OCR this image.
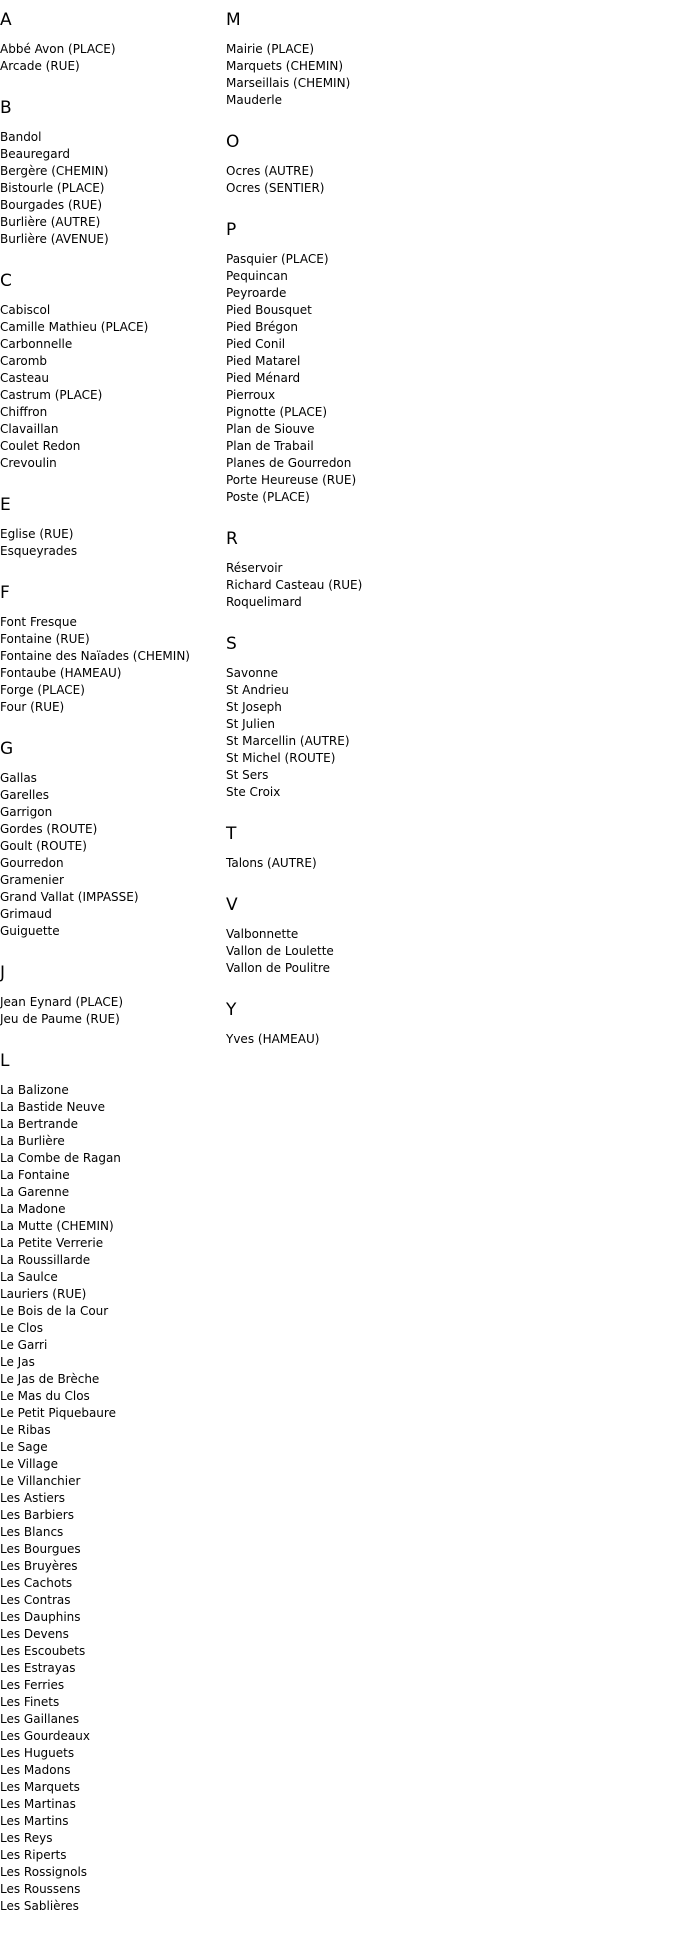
A
Abbé Avon (PLACE)
Arcade (RUE)
B
Bandol
Beauregard
Bergère (CHEMIN)
Bistourle (PLACE)
Bourgades (RUE)
Burlière (AUTRE)
Burlière (AVENUE)
C
Cabiscol
Camille Mathieu (PLACE)
Carbonnelle
Caromb
Casteau
Castrum (PLACE)
Chiffron
Clavaillan
Coulet Redon
Crevoulin
E
Eglise (RUE)
Esqueyrades
F
Font Fresque
Fontaine (RUE)
Fontaine des Naïades (CHEMIN)
Fontaube (HAMEAU)
Forge (PLACE)
Four (RUE)
G
Gallas
Garelles
Garrigon
Gordes (ROUTE)
Goult (ROUTE)
Gourredon
Gramenier
Grand Vallat (IMPASSE)
Grimaud
Guiguette
J
Jean Eynard (PLACE)
Jeu de Paume (RUE)
L
La Balizone
La Bastide Neuve
La Bertrande
La Burlière
La Combe de Ragan
La Fontaine
La Garenne
La Madone
La Mutte (CHEMIN)
La Petite Verrerie
La Roussillarde
La Saulce
Lauriers (RUE)
Le Bois de la Cour
Le Clos
Le Garri
Le Jas
Le Jas de Brèche
Le Mas du Clos
Le Petit Piquebaure
Le Ribas
Le Sage
Le Village
Le Villanchier
Les Astiers
Les Barbiers
Les Blancs
Les Bourgues
Les Bruyères
Les Cachots
Les Contras
Les Dauphins
Les Devens
Les Escoubets
Les Estrayas
Les Ferries
Les Finets
Les Gaillanes
Les Gourdeaux
Les Huguets
Les Madons
Les Marquets
Les Martinas
Les Martins
Les Reys
Les Riperts
Les Rossignols
Les Roussens
Les Sablières
M
Mairie (PLACE)
Marquets (CHEMIN)
Marseillais (CHEMIN)
Mauderle
O
Ocres (AUTRE)
Ocres (SENTIER)
P
Pasquier (PLACE)
Pequincan
Peyroarde
Pied Bousquet
Pied Brégon
Pied Conil
Pied Matarel
Pied Ménard
Pierroux
Pignotte (PLACE)
Plan de Siouve
Plan de Trabail
Planes de Gourredon
Porte Heureuse (RUE)
Poste (PLACE)
R
Réservoir
Richard Casteau (RUE)
Roquelimard
S
Savonne
St Andrieu
St Joseph
St Julien
St Marcellin (AUTRE)
St Michel (ROUTE)
St Sers
Ste Croix
T
Talons (AUTRE)
V
Valbonnette
Vallon de Loulette
Vallon de Poulitre
Y
Yves (HAMEAU)
